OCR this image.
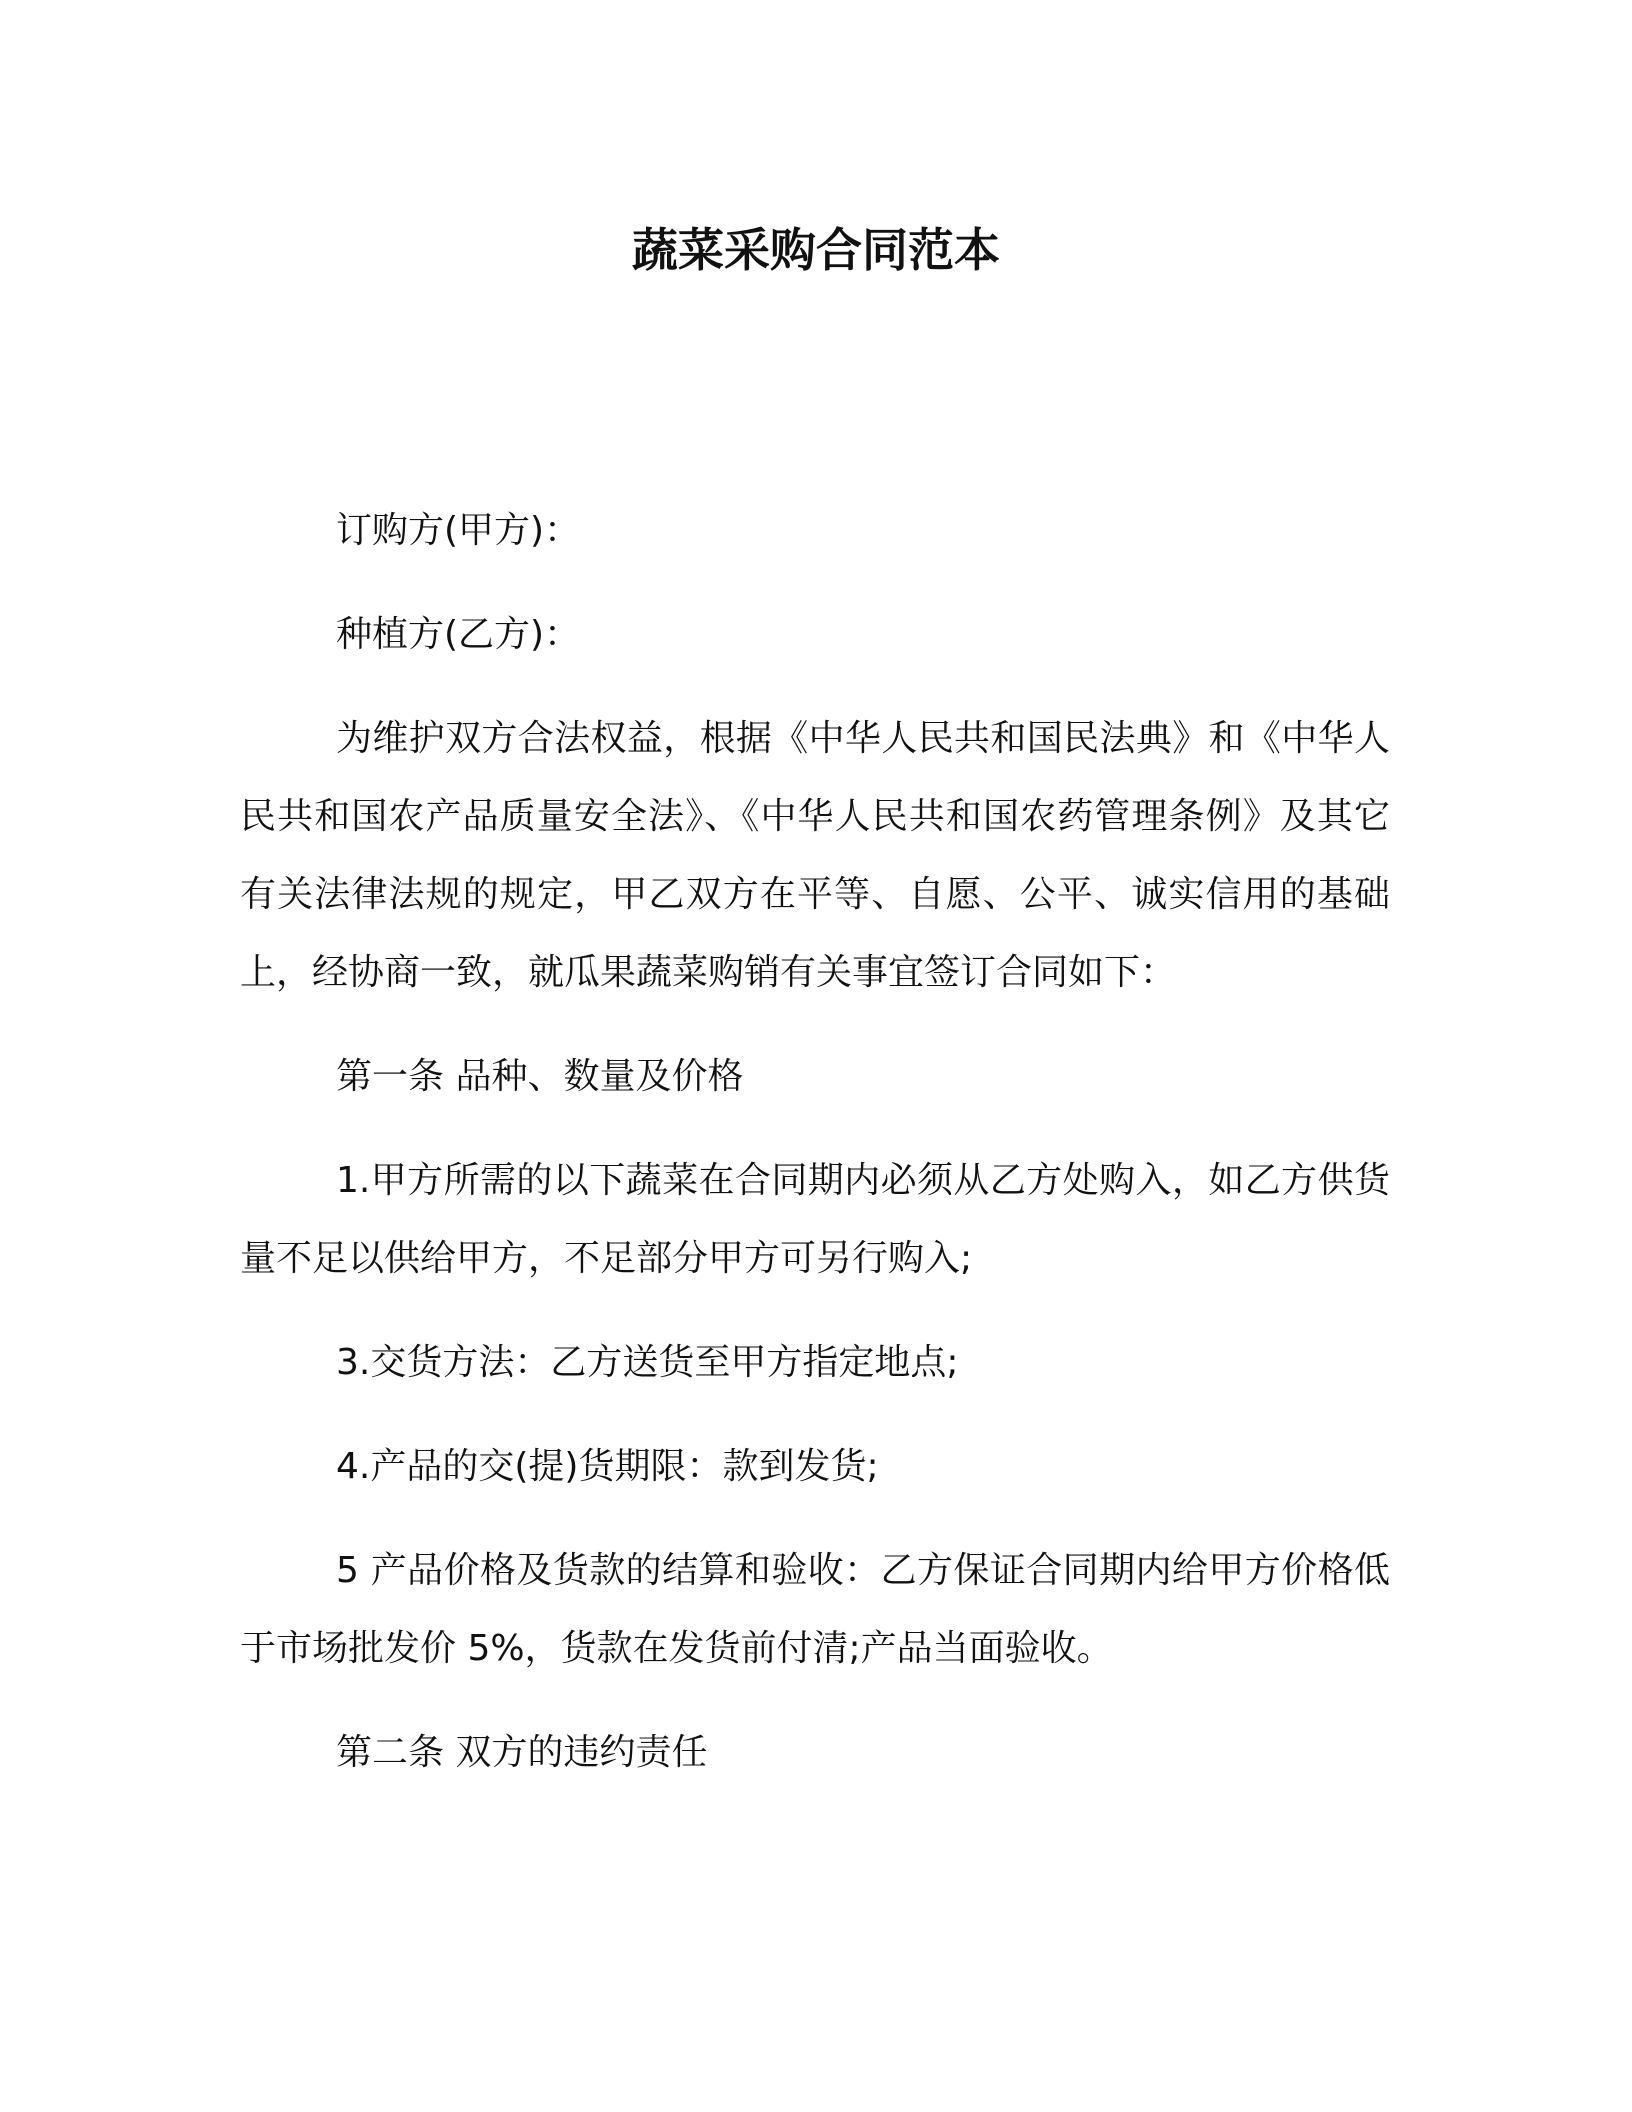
蔬菜采购合同范本

订购方(甲方)：

种植方(乙方)：

为维护双方合法权益，根据《中华人民共和国民法典》和《中华人民共和国农产品质量安全法》、《中华人民共和国农药管理条例》及其它有关法律法规的规定，甲乙双方在平等、自愿、公平、诚实信用的基础上，经协商一致，就瓜果蔬菜购销有关事宜签订合同如下：

第一条 品种、数量及价格

1.甲方所需的以下蔬菜在合同期内必须从乙方处购入，如乙方供货量不足以供给甲方，不足部分甲方可另行购入;

3.交货方法：乙方送货至甲方指定地点;

4.产品的交(提)货期限：款到发货;

5 产品价格及货款的结算和验收：乙方保证合同期内给甲方价格低于市场批发价 5%，货款在发货前付清;产品当面验收。

第二条 双方的违约责任
